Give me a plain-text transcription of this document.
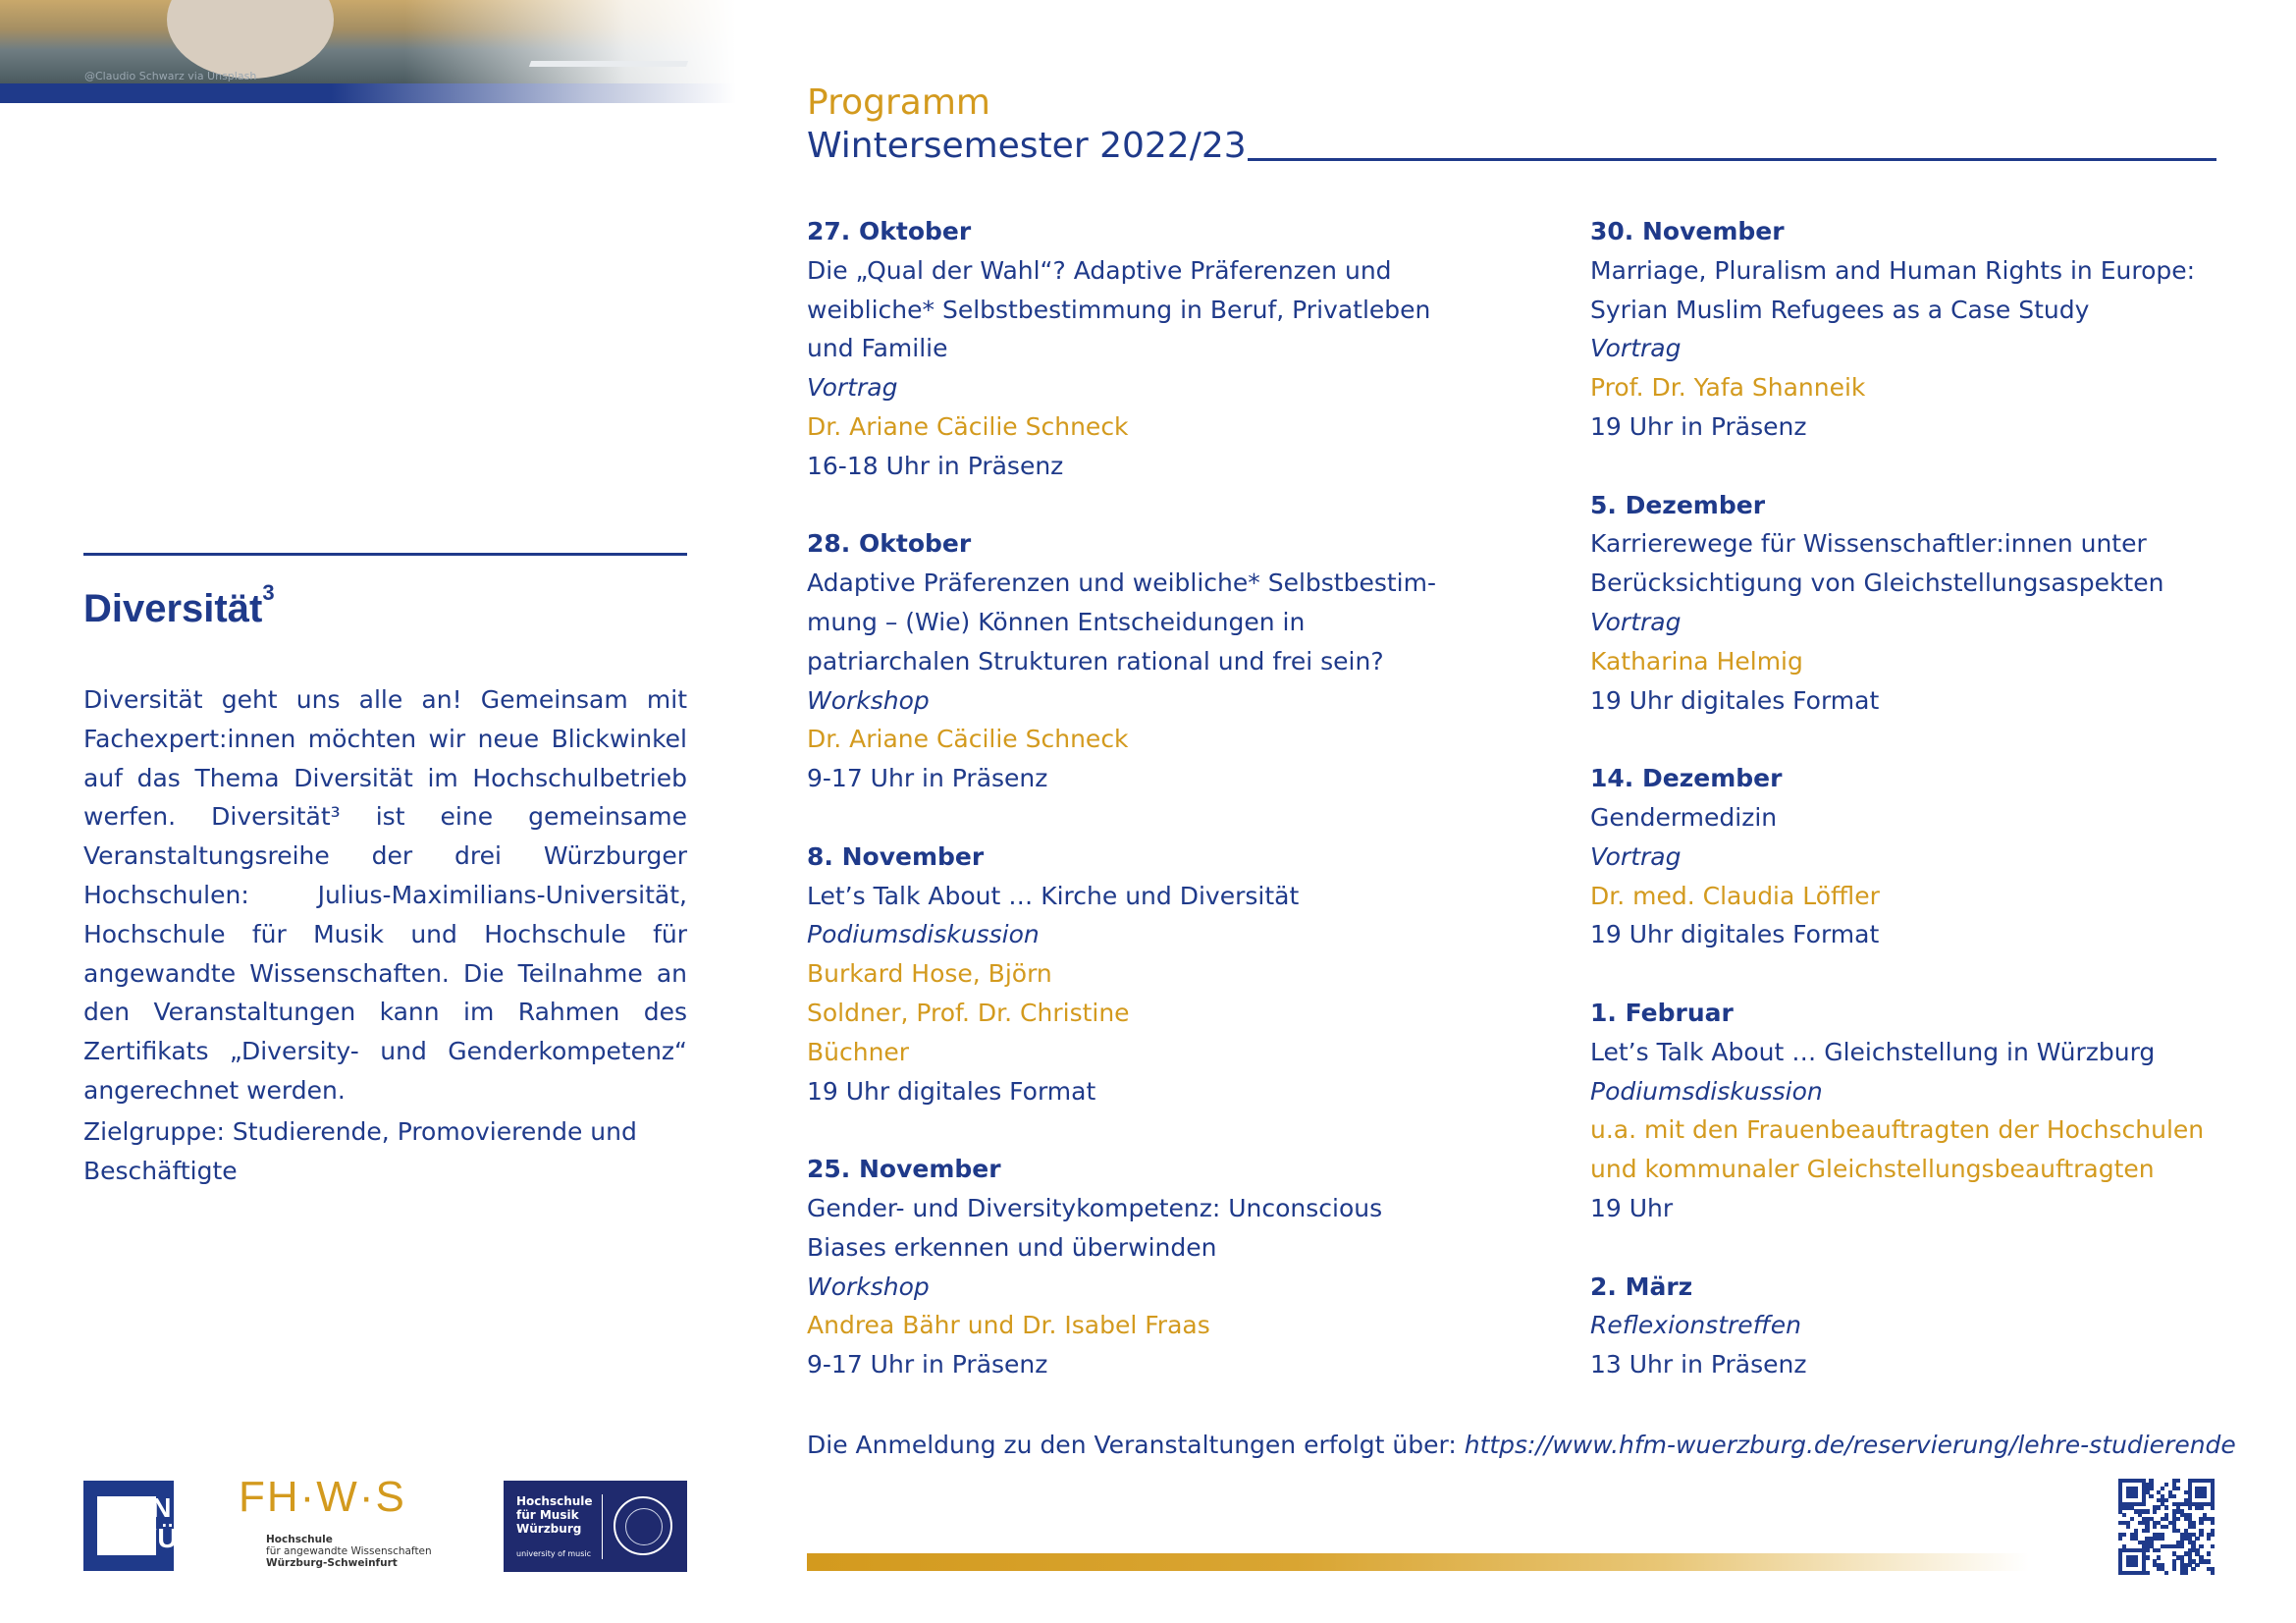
@Claudio Schwarz via Unsplash
Diversität$^3$
Diversität geht uns alle an! Gemeinsam mit Fachexpert:innen möchten wir neue Blickwinkel auf das Thema Diversität im Hochschulbetrieb werfen. Diversität³ ist eine gemeinsame Veranstaltungsreihe der drei Würzburger Hochschulen: Julius-Maximilians-Universität, Hochschule für Musik und Hochschule für angewandte Wissenschaften. Die Teilnahme an den Veranstaltungen kann im Rahmen des Zertifikats „Diversity- und Genderkompetenz“ angerechnet werden.
Zielgruppe: Studierende, Promovierende und Beschäftigte
UNI WÜ
FH·W·S
Hochschule
für angewandte Wissenschaften
Würzburg-Schweinfurt
Hochschule
für Musik
Würzburg
university of music
Programm
Wintersemester 2022/23
27. Oktober
Die „Qual der Wahl“? Adaptive Präferenzen und weibliche* Selbstbestimmung in Beruf, Privatleben und Familie
Vortrag
Dr. Ariane Cäcilie Schneck
16-18 Uhr in Präsenz
28. Oktober
Adaptive Präferenzen und weibliche* Selbstbestimmung – (Wie) Können Entscheidungen in patriarchalen Strukturen rational und frei sein?
Workshop
Dr. Ariane Cäcilie Schneck
9-17 Uhr in Präsenz
8. November
Let’s Talk About … Kirche und Diversität
Podiumsdiskussion
Burkard Hose, Björn Soldner, Prof. Dr. Christine Büchner
19 Uhr digitales Format
25. November
Gender- und Diversitykompetenz: Unconscious Biases erkennen und überwinden
Workshop
Andrea Bähr und Dr. Isabel Fraas
9-17 Uhr in Präsenz
30. November
Marriage, Pluralism and Human Rights in Europe: Syrian Muslim Refugees as a Case Study
Vortrag
Prof. Dr. Yafa Shanneik
19 Uhr in Präsenz
5. Dezember
Karrierewege für Wissenschaftler:innen unter Berücksichtigung von Gleichstellungsaspekten
Vortrag
Katharina Helmig
19 Uhr digitales Format
14. Dezember
Gendermedizin
Vortrag
Dr. med. Claudia Löffler
19 Uhr digitales Format
1. Februar
Let’s Talk About … Gleichstellung in Würzburg
Podiumsdiskussion
u.a. mit den Frauenbeauftragten der Hochschulen und kommunaler Gleichstellungsbeauftragten
19 Uhr
2. März
Reflexionstreffen
13 Uhr in Präsenz
Die Anmeldung zu den Veranstaltungen erfolgt über: https://www.hfm-wuerzburg.de/reservierung/lehre-studierende
